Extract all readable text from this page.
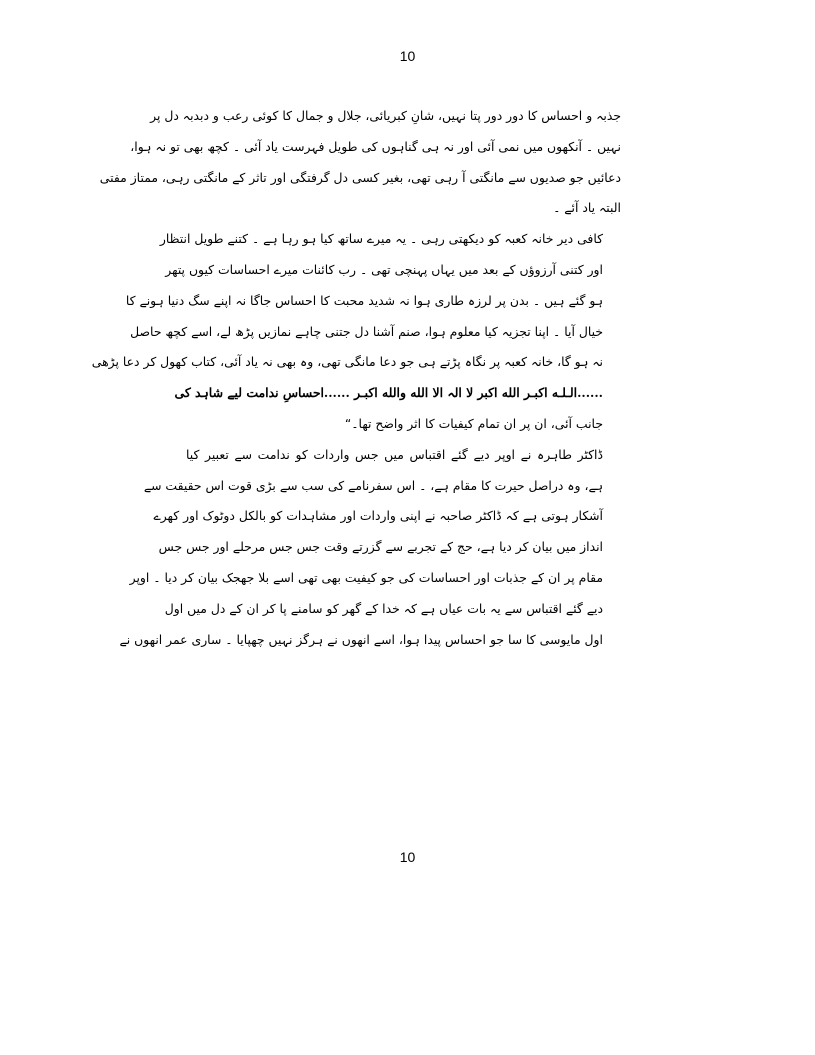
10
جذبہ و احساس کا دور دور پتا نہیں، شانِ کبریائی، جلال و جمال کا کوئی رعب و دبدبہ دل پر
نہیں ۔ آنکھوں میں نمی آئی اور نہ ہی گناہوں کی طویل فہرست یاد آئی ۔ کچھ بھی تو نہ ہوا،
دعائیں جو صدیوں سے مانگتی آ رہی تھی، بغیر کسی دل گرفتگی اور تاثر کے مانگتی رہی، ممتاز مفتی
البتہ یاد آئے ۔
کافی دیر خانہ کعبہ کو دیکھتی رہی ۔ یہ میرے ساتھ کیا ہو رہا ہے ۔ کتنے طویل انتظار
اور کتنی آرزوؤں کے بعد میں یہاں پہنچی تھی ۔ رب کائنات میرے احساسات کیوں پتھر
ہو گئے ہیں ۔ بدن پر لرزہ طاری ہوا نہ شدید محبت کا احساس جاگا نہ اپنے سگ دنیا ہونے کا
خیال آیا ۔ اپنا تجزیہ کیا معلوم ہوا، صنم آشنا دل جتنی چاہے نمازیں پڑھ لے، اسے کچھ حاصل
نہ ہو گا، خانہ کعبہ پر نگاہ پڑتے ہی جو دعا مانگی تھی، وہ بھی نہ یاد آئی، کتاب کھول کر دعا پڑھی
......الـلـه اکبـر الله اکبر لا الہ الا الله والله اکبـر ......احساسِ ندامت لیے شاہد کی
جانب آئی، ان پر ان تمام کیفیات کا اثر واضح تھا۔“
ڈاکٹر طاہرہ نے اوپر دیے گئے اقتباس میں جس واردات کو ندامت سے تعبیر کیا
ہے، وہ دراصل حیرت کا مقام ہے، ۔ اس سفرنامے کی سب سے بڑی قوت اس حقیقت سے
آشکار ہوتی ہے کہ ڈاکٹر صاحبہ نے اپنی واردات اور مشاہدات کو بالکل دوٹوک اور کھرے
انداز میں بیان کر دیا ہے، حج کے تجربے سے گزرتے وقت جس جس مرحلے اور جس جس
مقام پر ان کے جذبات اور احساسات کی جو کیفیت بھی تھی اسے بلا جھجک بیان کر دیا ۔ اوپر
دیے گئے اقتباس سے یہ بات عیاں ہے کہ خدا کے گھر کو سامنے پا کر ان کے دل میں اول
اول مایوسی کا سا جو احساس پیدا ہوا، اسے انھوں نے ہرگز نہیں چھپایا ۔ ساری عمر انھوں نے
10
